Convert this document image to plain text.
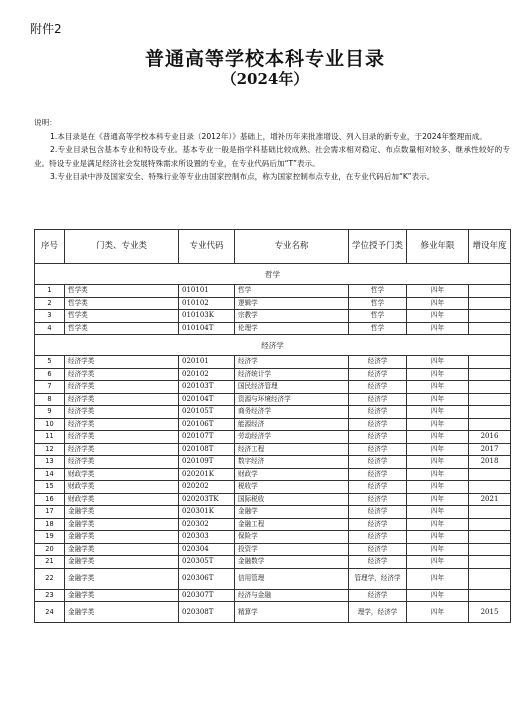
附件2
普通高等学校本科专业目录
（2024年）

说明：

1.本目录是在《普通高等学校本科专业目录（2012年）》基础上，增补历年来批准增设、列入目录的新专业，于2024年整理而成。

2.专业目录包含基本专业和特设专业。基本专业一般是指学科基础比较成熟、社会需求相对稳定、布点数量相对较多、继承性较好的专业。特设专业是满足经济社会发展特殊需求所设置的专业，在专业代码后加“T”表示。

3.专业目录中涉及国家安全、特殊行业等专业由国家控制布点，称为国家控制布点专业，在专业代码后加“K”表示。

序号	门类、专业类	专业代码	专业名称	学位授予门类	修业年限	增设年度
哲学						
1	哲学类	010101	哲学	哲学	四年	
2	哲学类	010102	逻辑学	哲学	四年	
3	哲学类	010103K	宗教学	哲学	四年	
4	哲学类	010104T	伦理学	哲学	四年	
经济学						
5	经济学类	020101	经济学	经济学	四年	
6	经济学类	020102	经济统计学	经济学	四年	
7	经济学类	020103T	国民经济管理	经济学	四年	
8	经济学类	020104T	资源与环境经济学	经济学	四年	
9	经济学类	020105T	商务经济学	经济学	四年	
10	经济学类	020106T	能源经济	经济学	四年	
11	经济学类	020107T	劳动经济学	经济学	四年	2016
12	经济学类	020108T	经济工程	经济学	四年	2017
13	经济学类	020109T	数字经济	经济学	四年	2018
14	财政学类	020201K	财政学	经济学	四年	
15	财政学类	020202	税收学	经济学	四年	
16	财政学类	020203TK	国际税收	经济学	四年	2021
17	金融学类	020301K	金融学	经济学	四年	
18	金融学类	020302	金融工程	经济学	四年	
19	金融学类	020303	保险学	经济学	四年	
20	金融学类	020304	投资学	经济学	四年	
21	金融学类	020305T	金融数学	经济学	四年	
22	金融学类	020306T	信用管理	管理学，经济学	四年	
23	金融学类	020307T	经济与金融	经济学	四年	
24	金融学类	020308T	精算学	理学，经济学	四年	2015
